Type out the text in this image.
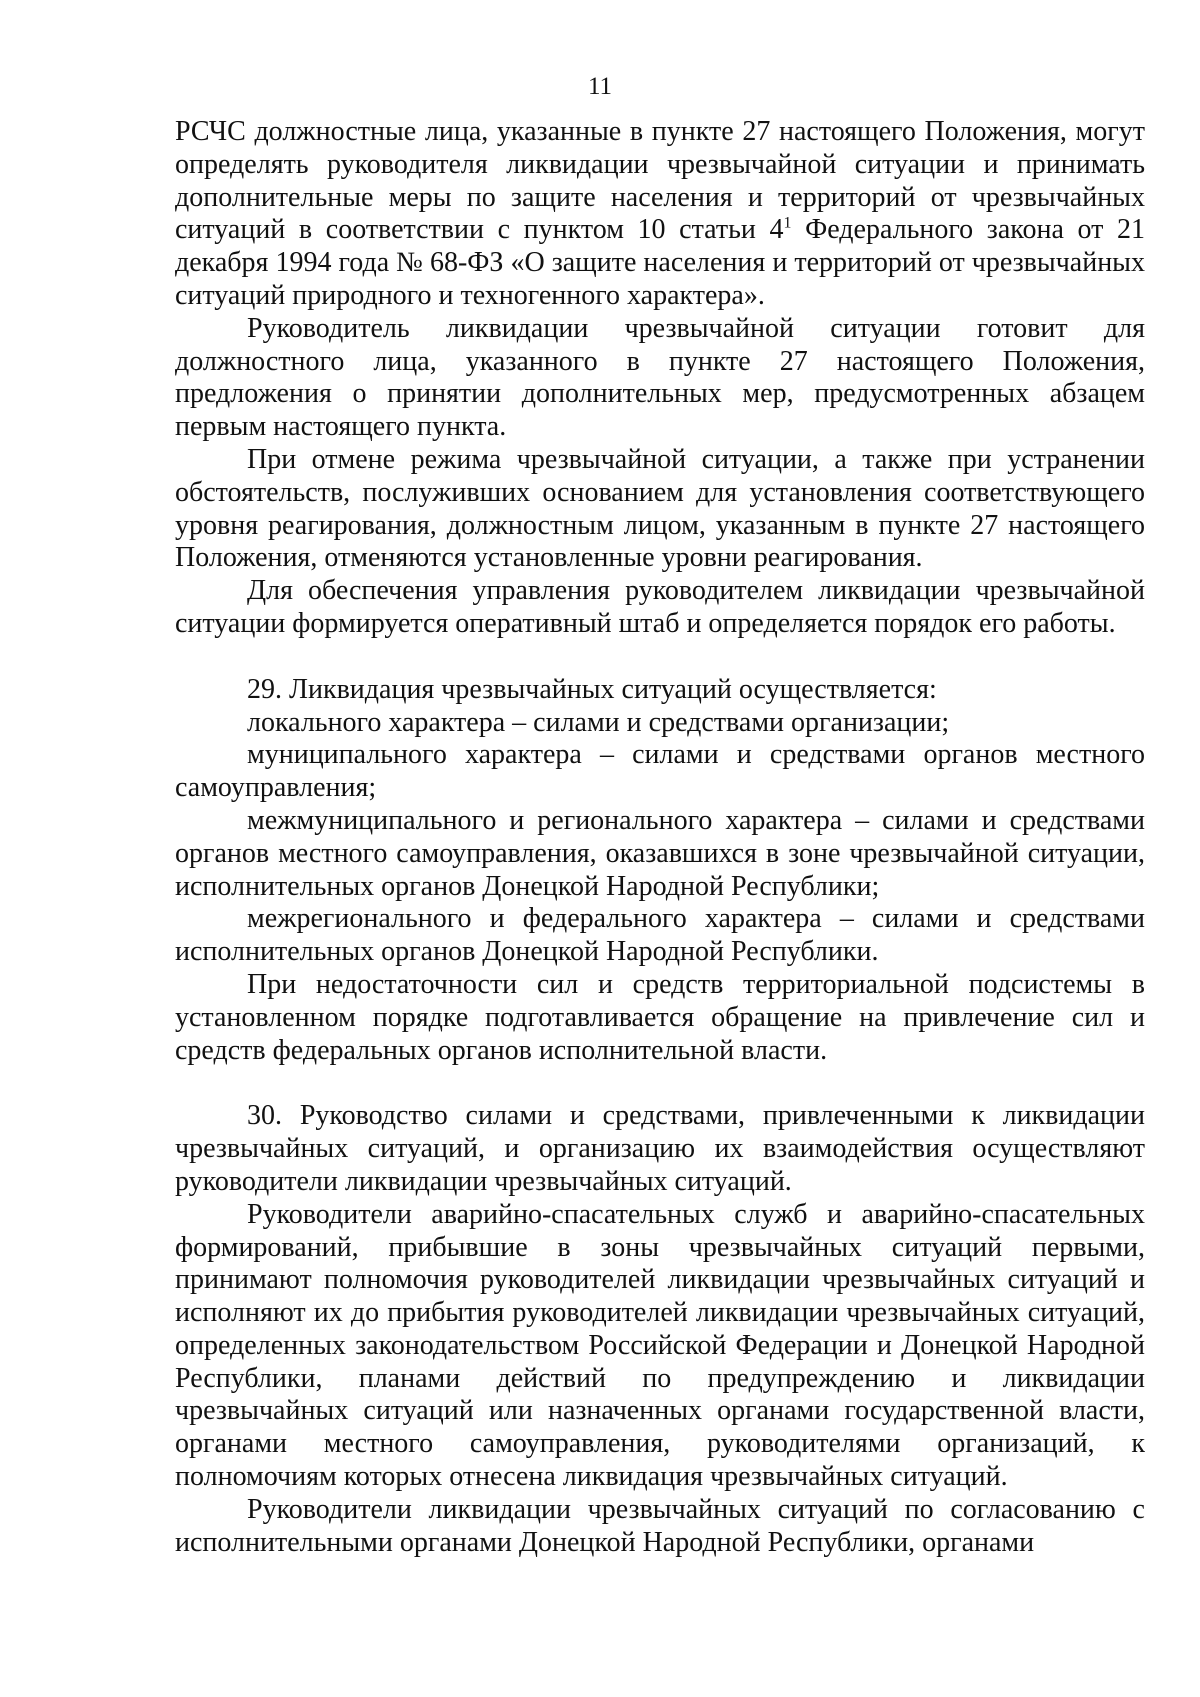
11

РСЧС должностные лица, указанные в пункте 27 настоящего Положения, могут определять руководителя ликвидации чрезвычайной ситуации и принимать дополнительные меры по защите населения и территорий от чрезвычайных ситуаций в соответствии с пунктом 10 статьи $4^1$ Федерального закона от 21 декабря 1994 года № 68-ФЗ «О защите населения и территорий от чрезвычайных ситуаций природного и техногенного характера».

Руководитель ликвидации чрезвычайной ситуации готовит для должностного лица, указанного в пункте 27 настоящего Положения, предложения о принятии дополнительных мер, предусмотренных абзацем первым настоящего пункта.

При отмене режима чрезвычайной ситуации, а также при устранении обстоятельств, послуживших основанием для установления соответствующего уровня реагирования, должностным лицом, указанным в пункте 27 настоящего Положения, отменяются установленные уровни реагирования.

Для обеспечения управления руководителем ликвидации чрезвычайной ситуации формируется оперативный штаб и определяется порядок его работы.

29. Ликвидация чрезвычайных ситуаций осуществляется:

локального характера – силами и средствами организации;

муниципального характера – силами и средствами органов местного самоуправления;

межмуниципального и регионального характера – силами и средствами органов местного самоуправления, оказавшихся в зоне чрезвычайной ситуации, исполнительных органов Донецкой Народной Республики;

межрегионального и федерального характера – силами и средствами исполнительных органов Донецкой Народной Республики.

При недостаточности сил и средств территориальной подсистемы в установленном порядке подготавливается обращение на привлечение сил и средств федеральных органов исполнительной власти.

30. Руководство силами и средствами, привлеченными к ликвидации чрезвычайных ситуаций, и организацию их взаимодействия осуществляют руководители ликвидации чрезвычайных ситуаций.

Руководители аварийно-спасательных служб и аварийно-спасательных формирований, прибывшие в зоны чрезвычайных ситуаций первыми, принимают полномочия руководителей ликвидации чрезвычайных ситуаций и исполняют их до прибытия руководителей ликвидации чрезвычайных ситуаций, определенных законодательством Российской Федерации и Донецкой Народной Республики, планами действий по предупреждению и ликвидации чрезвычайных ситуаций или назначенных органами государственной власти, органами местного самоуправления, руководителями организаций, к полномочиям которых отнесена ликвидация чрезвычайных ситуаций.

Руководители ликвидации чрезвычайных ситуаций по согласованию с исполнительными органами Донецкой Народной Республики, органами
